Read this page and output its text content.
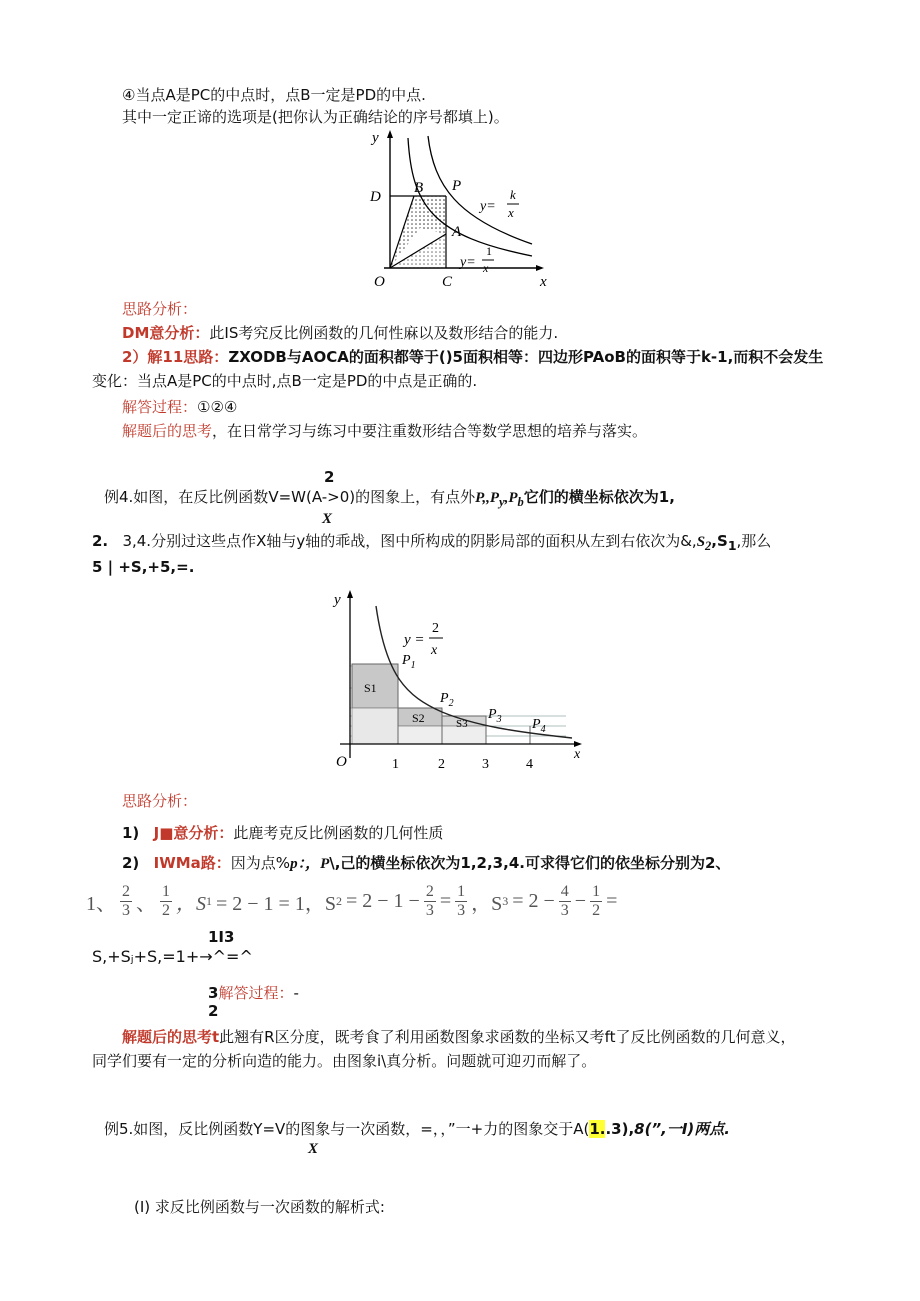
④当点A是PC的中点时，点B一定是PD的中点.
其中一定正谛的选项是(把你认为正确结论的序号都填上)。
y
x
O
D
B P
A
C
y=
k
x
y=
1
x
思路分析：
DM意分析：此IS考究反比例函数的几何性麻以及数形结合的能力.
2）解11思路：ZXODB与AOCA的面积都等于()5面积相等：四边形PAoB的面积等于k-1,而积不会发生
变化：当点A是PC的中点时,点B一定是PD的中点是正确的.
解答过程：①②④
解题后的思考，在日常学习与练习中要注重数形结合等数学思想的培养与落实。
2
例4.如图，在反比例函数V=W(A->0)的图象上，有点外$P,,P_y,P_b$它们的横坐标依次为1,
X
2. 3,4.分别过这些点作X轴与y轴的乖战，图中所构成的阴影局部的面积从左到右依次为$\&,S_2,S_1$,那么
5 | +S,+5,=.
y
x
O
y =
2
x
$P_1$
$P_2$
$P_3$ $P_4$
S1
S2	S3
1	2	3	4
思路分析：
1) J■意分析：此鹿考克反比例函数的几何性质
2) IWMa路：因为点%p：，P\,己的横坐标依次为1,2,3,4.可求得它们的依坐标分别为2、
1、
2
3 、
1
2 ，S 1 = 2 − 1 = 1，S $2 = 2 - 1 - \frac{2}{3} = \frac{1}{3}$ ，S $3 = 2 - \frac{4}{3} - \frac{1}{2}$ =
1I3
S,+Sⱼ+S,=1+→^=^
3解答过程：-
2
解题后的思考t此翘有R区分度，既考食了利用函数图象求函数的坐标又考ft了反比例函数的几何意义，
同学们要有一定的分析向造的能力。由图象i\真分析。问题就可迎刃而解了。
例5.如图，反比例函数Y=V的图象与一次函数，=，，”一+力的图象交于A(1..3),8(”,一I)两点.
X
(I) 求反比例函数与一次函数的解析式:
